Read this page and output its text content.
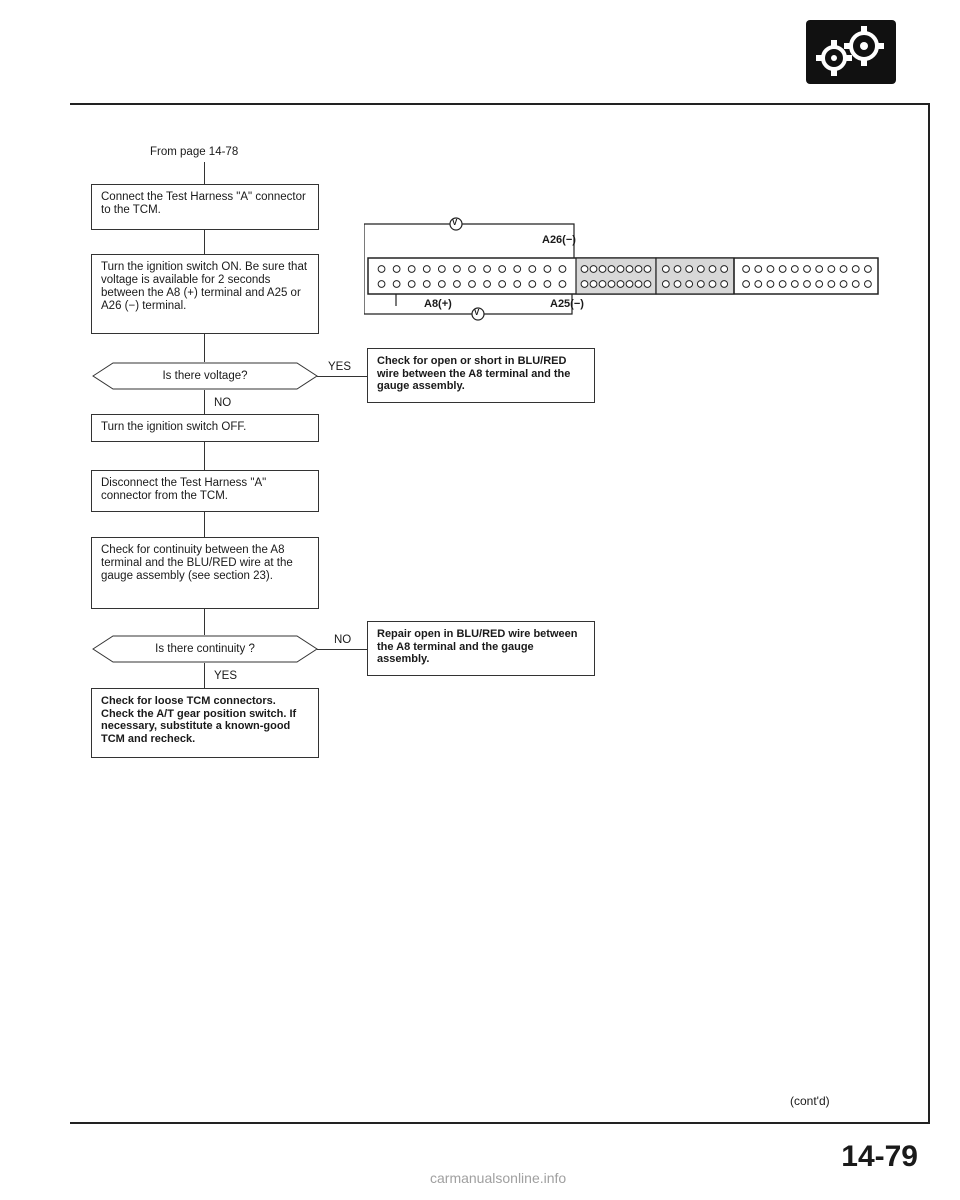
From page 14-78
Connect the Test Harness "A" connector to the TCM.
Turn the ignition switch ON. Be sure that voltage is available for 2 seconds between the A8 (+) terminal and A25 or A26 (−) terminal.
Is there voltage?
YES	Check for open or short in BLU/RED wire between the A8 terminal and the gauge assembly.
NO
Turn the ignition switch OFF.
Disconnect the Test Harness "A" connector from the TCM.
Check for continuity between the A8 terminal and the BLU/RED wire at the gauge assembly (see section 23).
Is there continuity ?
NO	Repair open in BLU/RED wire between the A8 terminal and the gauge assembly.
YES
Check for loose TCM connectors. Check the A/T gear position switch. If necessary, substitute a known-good TCM and recheck.
A26(−)
A8(+)	A25(−)
V
V
(cont'd)
14-79
carmanualsonline.info
